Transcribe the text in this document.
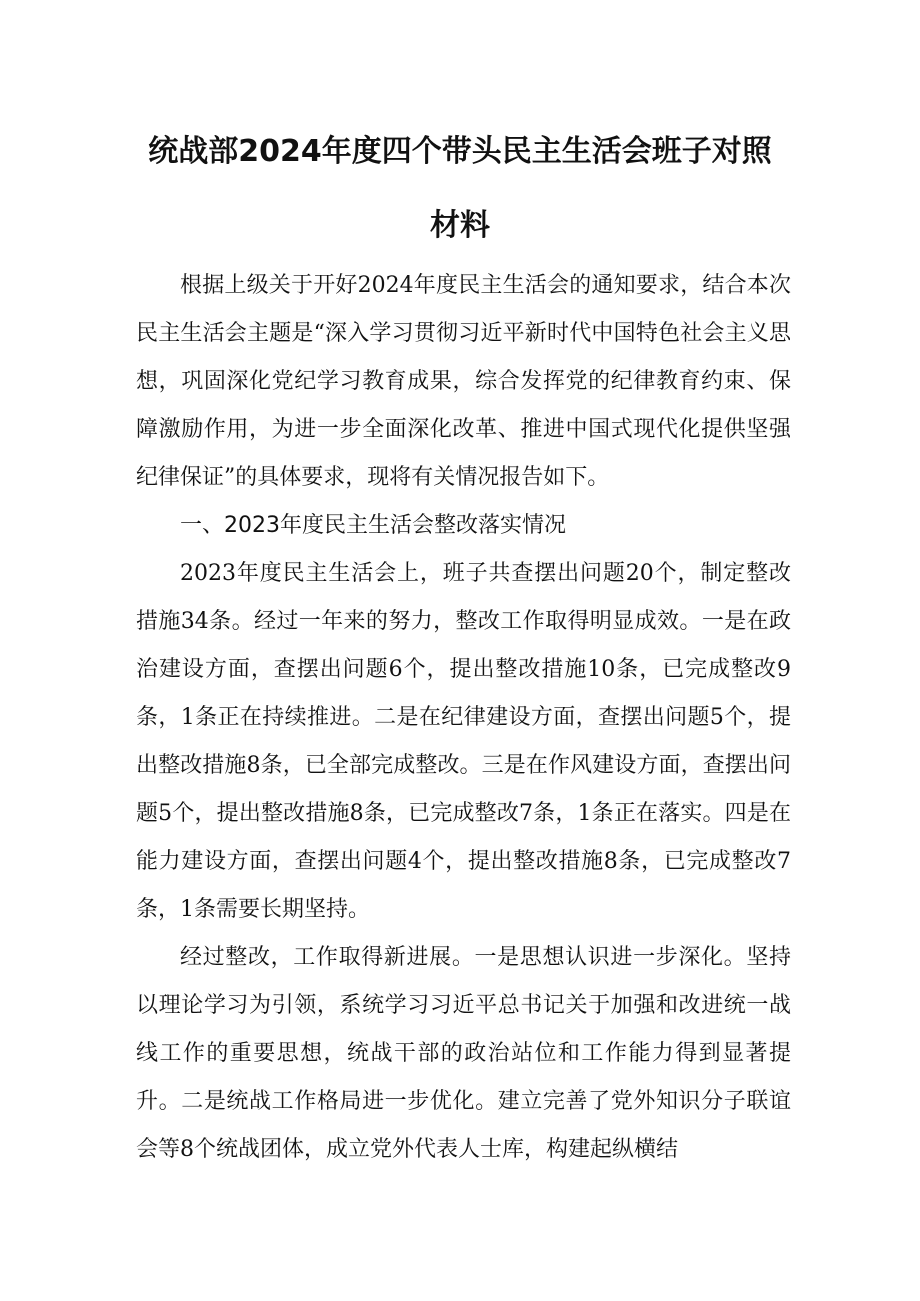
统战部2024年度四个带头民主生活会班子对照
材料

根据上级关于开好2024年度民主生活会的通知要求，结合本次民主生活会主题是“深入学习贯彻习近平新时代中国特色社会主义思想，巩固深化党纪学习教育成果，综合发挥党的纪律教育约束、保障激励作用，为进一步全面深化改革、推进中国式现代化提供坚强纪律保证”的具体要求，现将有关情况报告如下。

一、2023年度民主生活会整改落实情况

2023年度民主生活会上，班子共查摆出问题20个，制定整改措施34条。经过一年来的努力，整改工作取得明显成效。一是在政治建设方面，查摆出问题6个，提出整改措施10条，已完成整改9条，1条正在持续推进。二是在纪律建设方面，查摆出问题5个，提出整改措施8条，已全部完成整改。三是在作风建设方面，查摆出问题5个，提出整改措施8条，已完成整改7条，1条正在落实。四是在能力建设方面，查摆出问题4个，提出整改措施8条，已完成整改7条，1条需要长期坚持。

经过整改，工作取得新进展。一是思想认识进一步深化。坚持以理论学习为引领，系统学习习近平总书记关于加强和改进统一战线工作的重要思想，统战干部的政治站位和工作能力得到显著提升。二是统战工作格局进一步优化。建立完善了党外知识分子联谊会等8个统战团体，成立党外代表人士库，构建起纵横结
